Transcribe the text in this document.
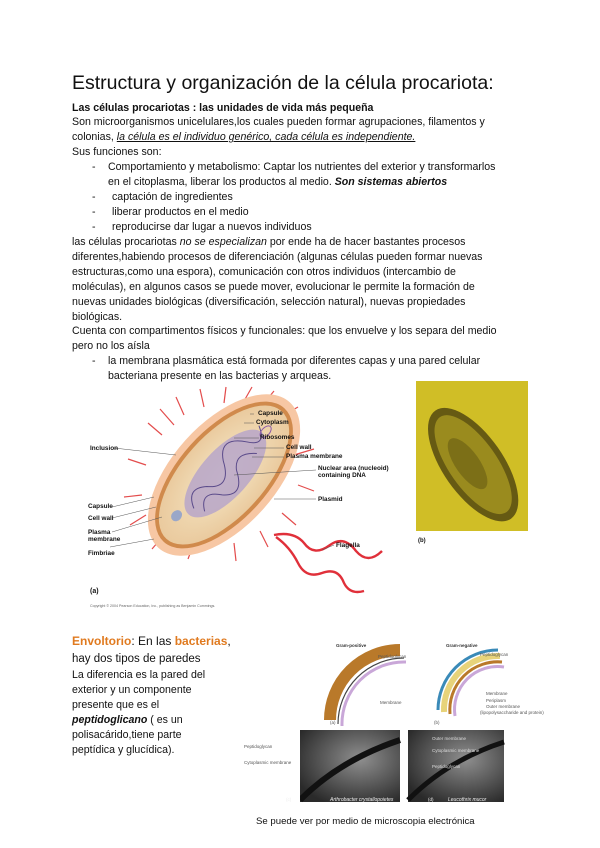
Estructura y organización de la célula procariota:
Las células procariotas : las unidades de vida más pequeña
Son microorganismos unicelulares,los cuales pueden formar agrupaciones, filamentos y
colonias, la célula es el individuo genérico, cada célula es independiente.
Sus funciones son:
- Comportamiento y metabolismo: Captar los nutrientes del exterior y transformarlos
en el citoplasma, liberar los productos al medio. Son sistemas abiertos
- captación de ingredientes
- liberar productos en el medio
- reproducirse dar lugar a nuevos individuos
las células procariotas no se especializan por ende ha de hacer bastantes procesos
diferentes,habiendo procesos de diferenciación (algunas células pueden formar nuevas
estructuras,como una espora), comunicación con otros individuos (intercambio de
moléculas), en algunos casos se puede mover, evolucionar le permite la formación de
nuevas unidades biológicas (diversificación, selección natural), nuevas propiedades
biológicas.
Cuenta con compartimentos físicos y funcionales: que los envuelve y los separa del medio
pero no los aísla
- la membrana plasmática está formada por diferentes capas y una pared celular
bacteriana presente en las bacterias y arqueas.
Capsule
Cytoplasm
Ribosomes
Cell wall
Plasma membrane
Nuclear area (nucleoid)
containing DNA
Plasmid
Flagella
Inclusion
Capsule
Cell wall
Plasma
membrane
Fimbriae
(a)
Copyright © 2004 Pearson Education, Inc., publishing as Benjamin Cummings.
(b)
Envoltorio: En las bacterias,
hay dos tipos de paredes
La diferencia es la pared del
exterior y un componente
presente que es el
peptidoglicano ( es un
polisacárido,tiene parte
peptídica y glucídica).
Gram-positive
Peptidoglycan
Membrane
(a)
Gram-negative
Peptidoglycan
Membrane
Periplasm
Outer membrane
(lipopolysaccharide and protein)
(b)
Peptidoglycan
Cytoplasmic membrane
Outer membrane
Cytoplasmic membrane
Peptidoglycan
(c)	(d)
Arthrobacter crystallopoietes	Leucothrix mucor
Se puede ver por medio de microscopia electrónica
